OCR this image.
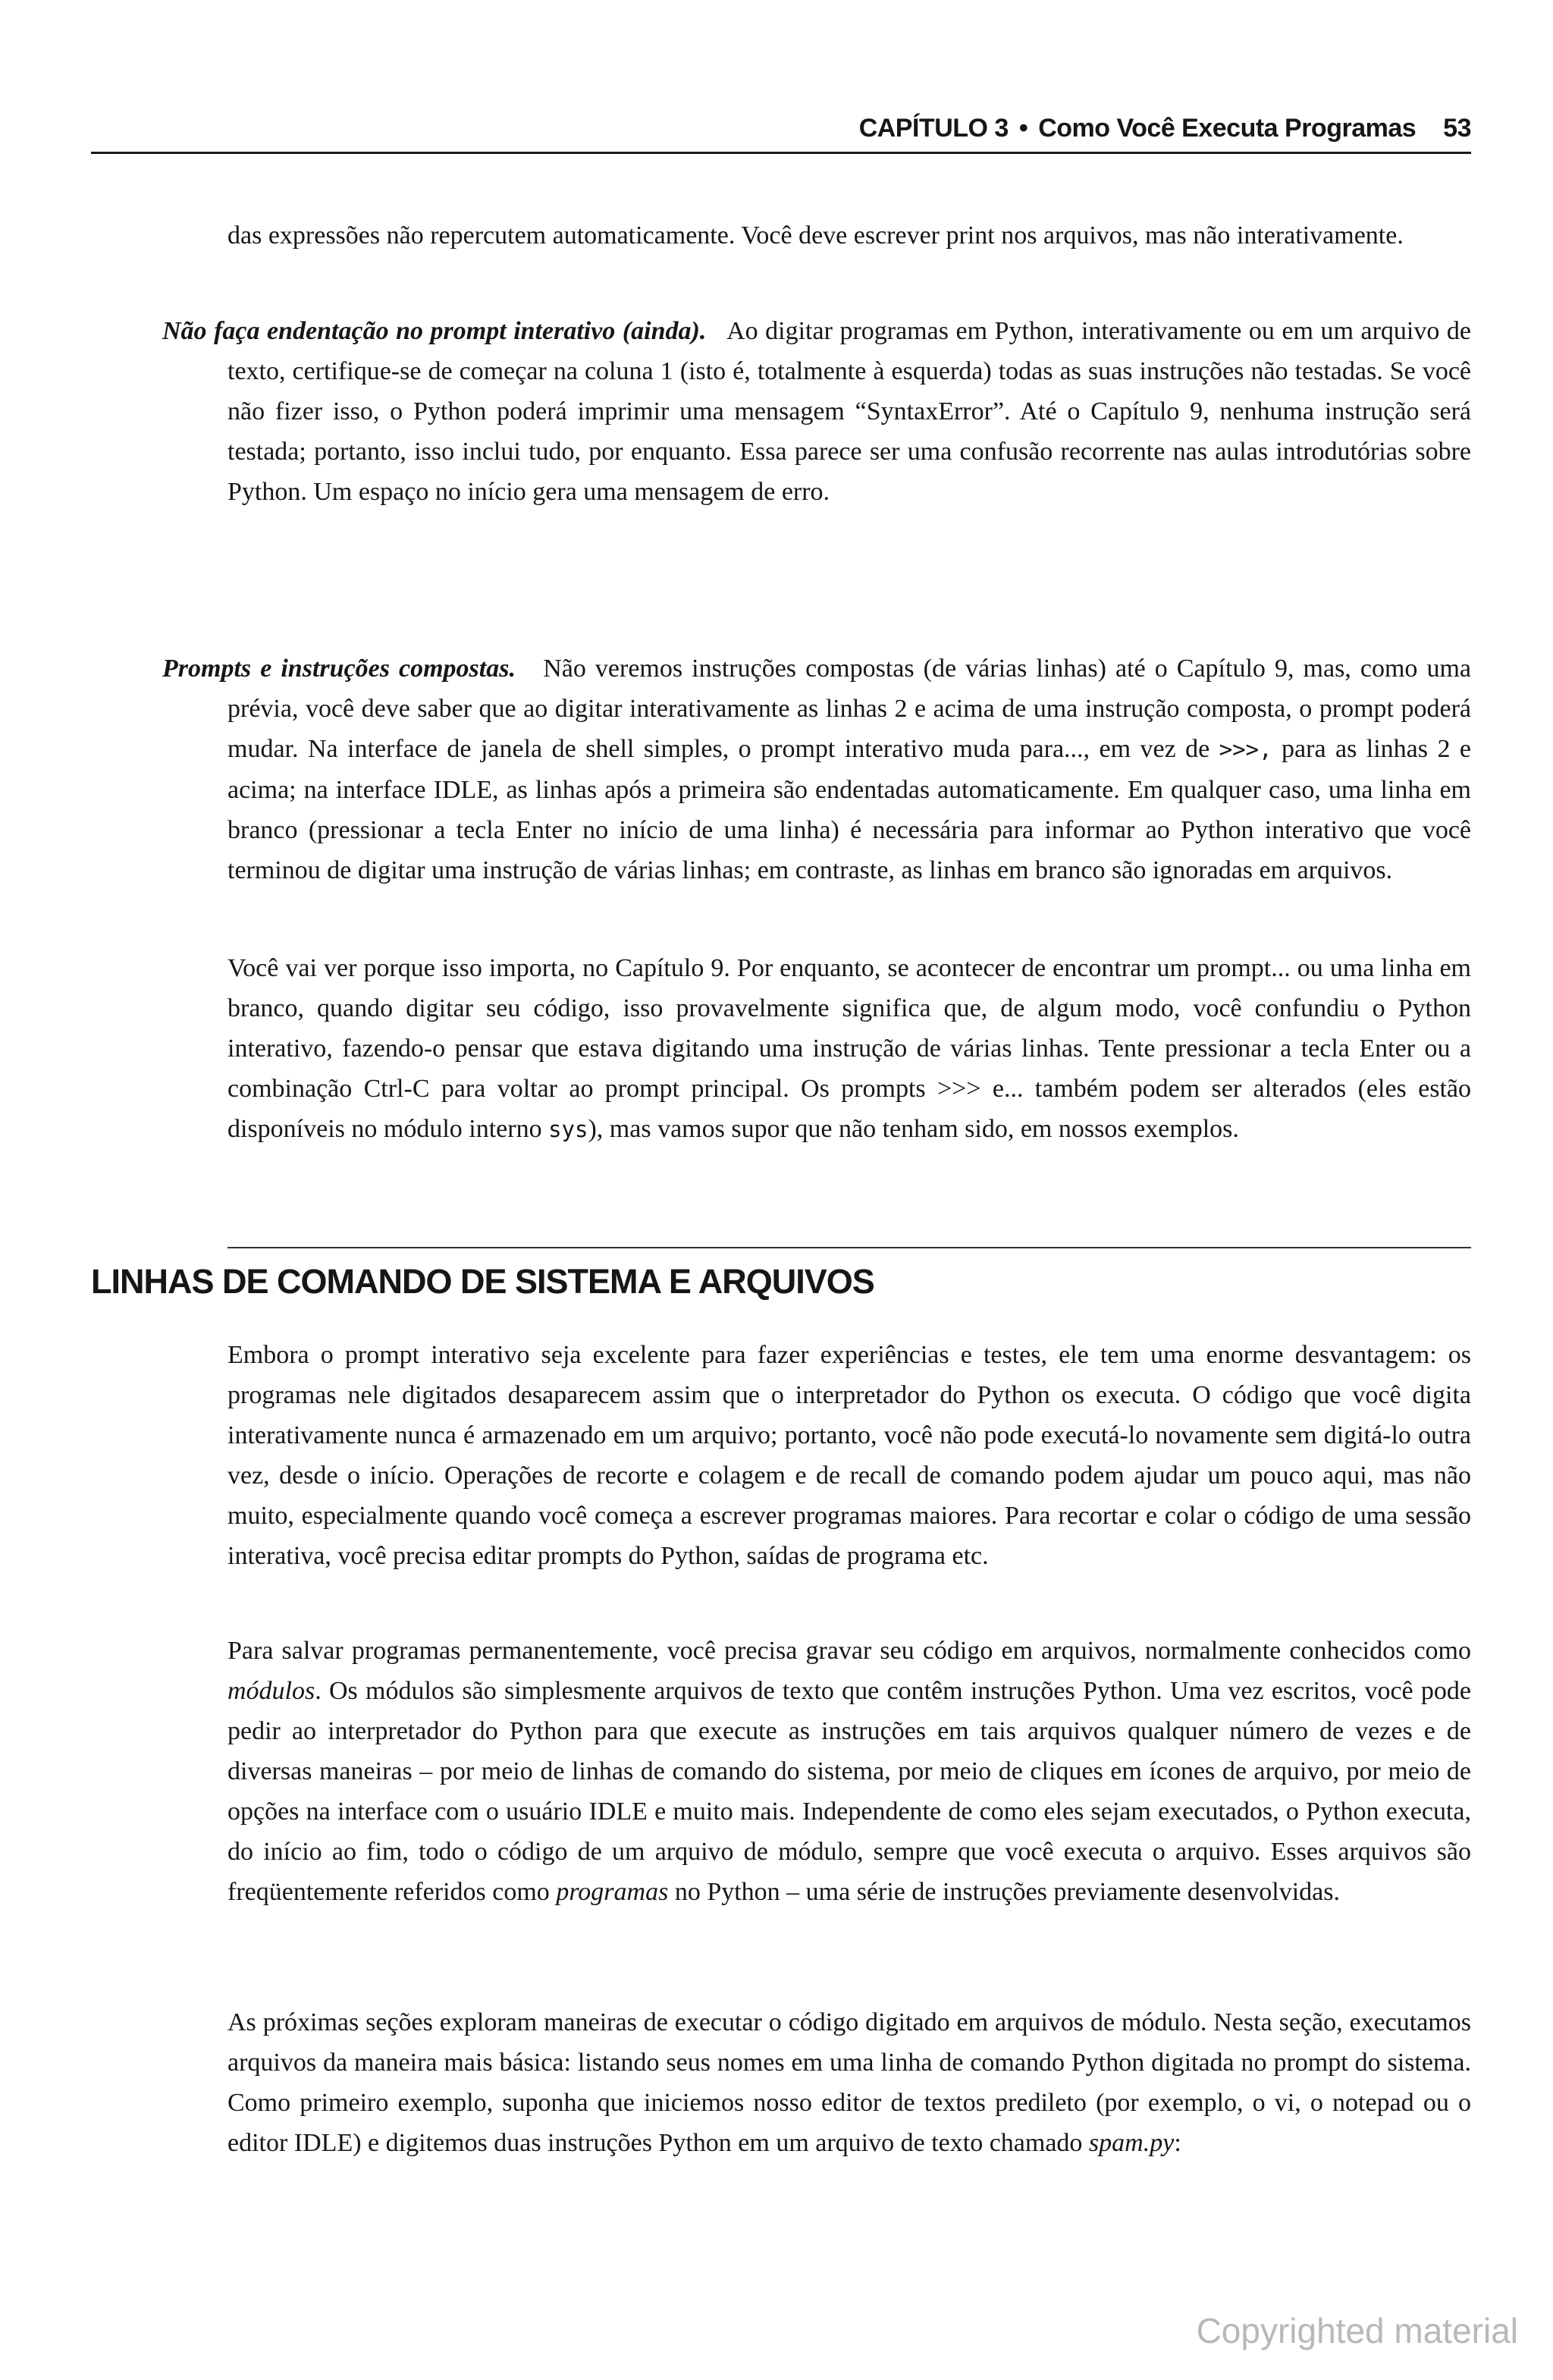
CAPÍTULO 3 • Como Você Executa Programas 53

das expressões não repercutem automaticamente. Você deve escrever print nos arquivos, mas não interativamente.

Não faça endentação no prompt interativo (ainda). Ao digitar programas em Python, interativamente ou em um arquivo de texto, certifique-se de começar na coluna 1 (isto é, totalmente à esquerda) todas as suas instruções não testadas. Se você não fizer isso, o Python poderá imprimir uma mensagem “SyntaxError”. Até o Capítulo 9, nenhuma instrução será testada; portanto, isso inclui tudo, por enquanto. Essa parece ser uma confusão recorrente nas aulas introdutórias sobre Python. Um espaço no início gera uma mensagem de erro.

Prompts e instruções compostas. Não veremos instruções compostas (de várias linhas) até o Capítulo 9, mas, como uma prévia, você deve saber que ao digitar interativamente as linhas 2 e acima de uma instrução composta, o prompt poderá mudar. Na interface de janela de shell simples, o prompt interativo muda para..., em vez de >>>, para as linhas 2 e acima; na interface IDLE, as linhas após a primeira são endentadas automaticamente. Em qualquer caso, uma linha em branco (pressionar a tecla Enter no início de uma linha) é necessária para informar ao Python interativo que você terminou de digitar uma instrução de várias linhas; em contraste, as linhas em branco são ignoradas em arquivos.

Você vai ver porque isso importa, no Capítulo 9. Por enquanto, se acontecer de encontrar um prompt... ou uma linha em branco, quando digitar seu código, isso provavelmente significa que, de algum modo, você confundiu o Python interativo, fazendo-o pensar que estava digitando uma instrução de várias linhas. Tente pressionar a tecla Enter ou a combinação Ctrl-C para voltar ao prompt principal. Os prompts >>> e... também podem ser alterados (eles estão disponíveis no módulo interno sys), mas vamos supor que não tenham sido, em nossos exemplos.

LINHAS DE COMANDO DE SISTEMA E ARQUIVOS

Embora o prompt interativo seja excelente para fazer experiências e testes, ele tem uma enorme desvantagem: os programas nele digitados desaparecem assim que o interpretador do Python os executa. O código que você digita interativamente nunca é armazenado em um arquivo; portanto, você não pode executá-lo novamente sem digitá-lo outra vez, desde o início. Operações de recorte e colagem e de recall de comando podem ajudar um pouco aqui, mas não muito, especialmente quando você começa a escrever programas maiores. Para recortar e colar o código de uma sessão interativa, você precisa editar prompts do Python, saídas de programa etc.

Para salvar programas permanentemente, você precisa gravar seu código em arquivos, normalmente conhecidos como módulos. Os módulos são simplesmente arquivos de texto que contêm instruções Python. Uma vez escritos, você pode pedir ao interpretador do Python para que execute as instruções em tais arquivos qualquer número de vezes e de diversas maneiras – por meio de linhas de comando do sistema, por meio de cliques em ícones de arquivo, por meio de opções na interface com o usuário IDLE e muito mais. Independente de como eles sejam executados, o Python executa, do início ao fim, todo o código de um arquivo de módulo, sempre que você executa o arquivo. Esses arquivos são freqüentemente referidos como programas no Python – uma série de instruções previamente desenvolvidas.

As próximas seções exploram maneiras de executar o código digitado em arquivos de módulo. Nesta seção, executamos arquivos da maneira mais básica: listando seus nomes em uma linha de comando Python digitada no prompt do sistema. Como primeiro exemplo, suponha que iniciemos nosso editor de textos predileto (por exemplo, o vi, o notepad ou o editor IDLE) e digitemos duas instruções Python em um arquivo de texto chamado spam.py:

Copyrighted material
